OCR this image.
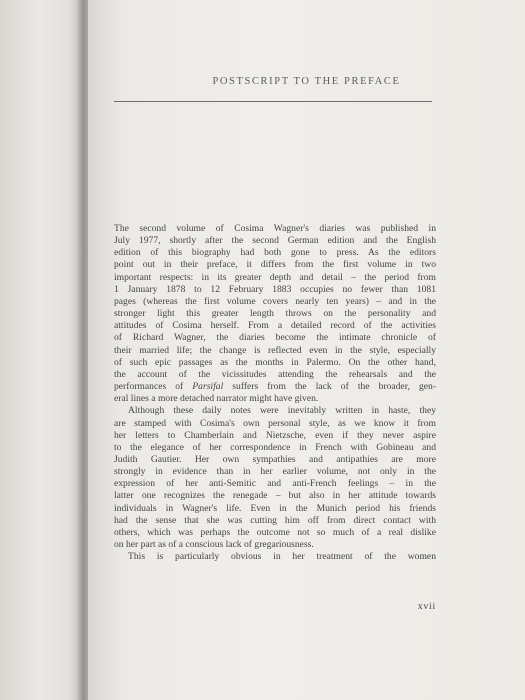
POSTSCRIPT TO THE PREFACE
The second volume of Cosima Wagner's diaries was published in
July 1977, shortly after the second German edition and the English
edition of this biography had both gone to press. As the editors
point out in their preface, it differs from the first volume in two
important respects: in its greater depth and detail – the period from
1 January 1878 to 12 February 1883 occupies no fewer than 1081
pages (whereas the first volume covers nearly ten years) – and in the
stronger light this greater length throws on the personality and
attitudes of Cosima herself. From a detailed record of the activities
of Richard Wagner, the diaries become the intimate chronicle of
their married life; the change is reflected even in the style, especially
of such epic passages as the months in Palermo. On the other hand,
the account of the vicissitudes attending the rehearsals and the
performances of Parsifal suffers from the lack of the broader, gen-
eral lines a more detached narrator might have given.
Although these daily notes were inevitably written in haste, they
are stamped with Cosima's own personal style, as we know it from
her letters to Chamberlain and Nietzsche, even if they never aspire
to the elegance of her correspondence in French with Gobineau and
Judith Gautier. Her own sympathies and antipathies are more
strongly in evidence than in her earlier volume, not only in the
expression of her anti-Semitic and anti-French feelings – in the
latter one recognizes the renegade – but also in her attitude towards
individuals in Wagner's life. Even in the Munich period his friends
had the sense that she was cutting him off from direct contact with
others, which was perhaps the outcome not so much of a real dislike
on her part as of a conscious lack of gregariousness.
This is particularly obvious in her treatment of the women
xvii
